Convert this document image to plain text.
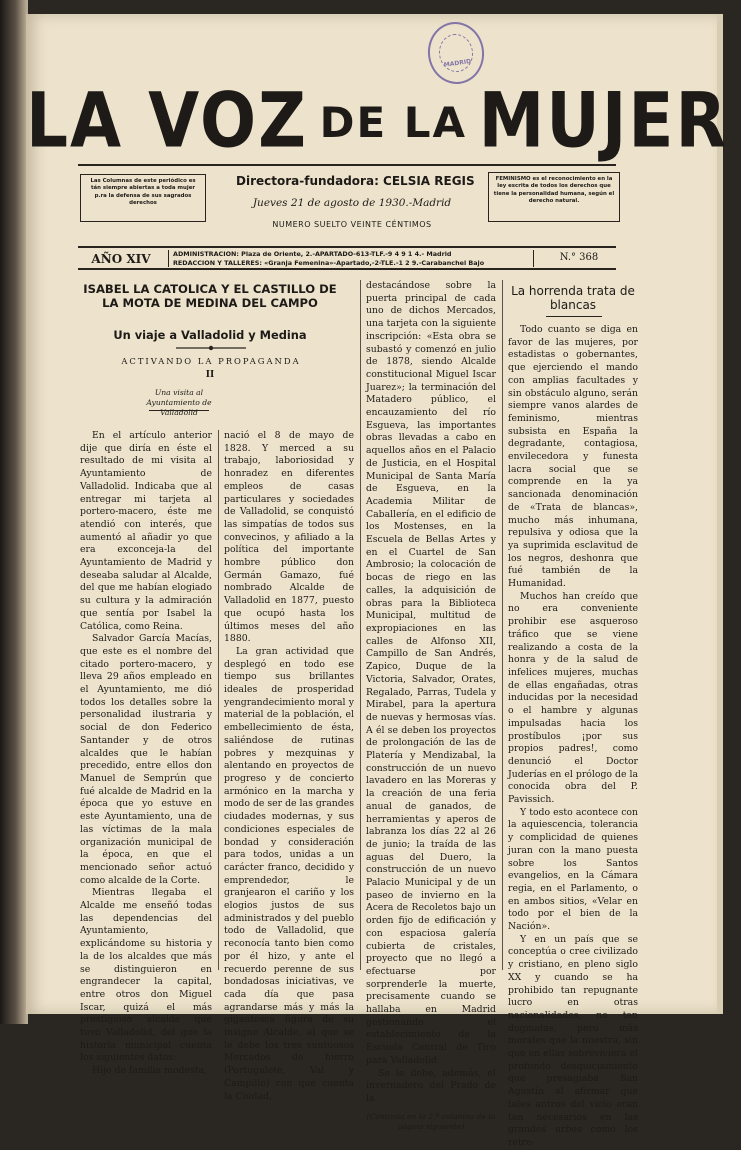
MADRID
LA VOZ DE LA MUJER
Las Columnas de este periódico es tán siempre abiertas a toda mujer p.ra la defensa de sus sagrados derechos
FEMINISMO es el reconocimiento en la ley escrita de todos los derechos que tiene la personalidad humana, según el derecho natural.
Directora-fundadora: CELSIA REGIS
Jueves 21 de agosto de 1930.-Madrid
NUMERO SUELTO VEINTE CÉNTIMOS
AÑO XIV	ADMINISTRACION: Plaza de Oriente, 2.-APARTADO-613-TLF.-9 4 9 1 4.- Madrid
REDACCION Y TALLERES: «Granja Femenina»-Apartado,-2-TLE.-1 2 9.-Carabanchel Bajo	N.° 368
ISABEL LA CATOLICA Y EL CASTILLO DE LA MOTA DE MEDINA DEL CAMPO
Un viaje a Valladolid y Medina
ACTIVANDO LA PROPAGANDA
II
Una visita al Ayuntamiento de Valladolid

En el artículo anterior dije que diría en éste el resultado de mi visita al Ayuntamiento de Valladolid. Indicaba que al entregar mi tarjeta al portero-macero, éste me atendió con interés, que aumentó al añadir yo que era exconceja-la del Ayuntamiento de Madrid y deseaba saludar al Alcalde, del que me habían elogiado su cultura y la admiración que sentía por Isabel la Católica, como Reina.

Salvador García Macías, que este es el nombre del citado portero-macero, y lleva 29 años empleado en el Ayuntamiento, me dió todos los detalles sobre la personalidad ilustraria y social de don Federico Santander y de otros alcaldes que le habían precedido, entre ellos don Manuel de Semprún que fué alcalde de Madrid en la época que yo estuve en este Ayuntamiento, una de las víctimas de la mala organización municipal de la época, en que el mencionado señor actuó como alcalde de la Corte.

Mientras llegaba el Alcalde me enseñó todas las dependencias del Ayuntamiento, explicándome su historia y la de los alcaldes que más se distinguieron en engrandecer la capital, entre otros don Miguel Iscar, quizá el más prestigioso alcalde que tuvo Valladolid, del que la historia municipal cuenta los siguientes datos:

Hijo de familia modesta,

nació el 8 de mayo de 1828. Y merced a su trabajo, laboriosidad y honradez en diferentes empleos de casas particulares y sociedades de Valladolid, se conquistó las simpatías de todos sus convecinos, y afiliado a la política del importante hombre público don Germán Gamazo, fué nombrado Alcalde de Valladolid en 1877, puesto que ocupó hasta los últimos meses del año 1880.

La gran actividad que desplegó en todo ese tiempo sus brillantes ideales de prosperidad yengrandecimiento moral y material de la población, el embellecimiento de ésta, saliéndose de rutinas pobres y mezquinas y alentando en proyectos de progreso y de concierto armónico en la marcha y modo de ser de las grandes ciudades modernas, y sus condiciones especiales de bondad y consideración para todos, unidas a un carácter franco, decidido y emprendedor, le granjearon el cariño y los elogios justos de sus administrados y del pueblo todo de Valladolid, que reconocía tanto bien como por él hizo, y ante el recuerdo perenne de sus bondadosas iniciativas, ve cada día que pasa agrandarse más y más la gigantesca figura de su insigne Alcalde, al que se le debe los tres suntuosos Mercados de hierro (Portugalete, Val y Campillo) con que cuenta la Ciudad,

destacándose sobre la puerta principal de cada uno de dichos Mercados, una tarjeta con la siguiente inscripción: «Esta obra se subastó y comenzó en julio de 1878, siendo Alcalde constitucional Miguel Iscar Juarez»; la terminación del Matadero público, el encauzamiento del río Esgueva, las importantes obras llevadas a cabo en aquellos años en el Palacio de Justicia, en el Hospital Municipal de Santa María de Esgueva, en la Academia Militar de Caballería, en el edificio de los Mostenses, en la Escuela de Bellas Artes y en el Cuartel de San Ambrosio; la colocación de bocas de riego en las calles, la adquisición de obras para la Biblioteca Municipal, multitud de expropiaciones en las calles de Alfonso XII, Campillo de San Andrés, Zapico, Duque de la Victoria, Salvador, Orates, Regalado, Parras, Tudela y Mirabel, para la apertura de nuevas y hermosas vías. A él se deben los proyectos de prolongación de las de Platería y Mendizabal, la construcción de un nuevo lavadero en las Moreras y la creación de una feria anual de ganados, de herramientas y aperos de labranza los días 22 al 26 de junio; la traída de las aguas del Duero, la construcción de un nuevo Palacio Municipal y de un paseo de invierno en la Acera de Recoletos bajo un orden fijo de edificación y con espaciosa galería cubierta de cristales, proyecto que no llegó a efectuarse por sorprenderle la muerte, precisamente cuando se hallaba en Madrid gestionando el establecimiento de la Escuela Central de Tiro para Valladolid.

Se le debe, además, el invernadero del Prado de la

(Continúa en la 2.ª columna de la página siguiente)
La horrenda trata de blancas

Todo cuanto se diga en favor de las mujeres, por estadistas o gobernantes, que ejerciendo el mando con amplias facultades y sin obstáculo alguno, serán siempre vanos alardes de feminismo, mientras subsista en España la degradante, contagiosa, envilecedora y funesta lacra social que se comprende en la ya sancionada denominación de «Trata de blancas», mucho más inhumana, repulsiva y odiosa que la ya suprimida esclavitud de los negros, deshonra que fué también de la Humanidad.

Muchos han creído que no era conveniente prohibir ese asqueroso tráfico que se viene realizando a costa de la honra y de la salud de infelices mujeres, muchas de ellas engañadas, otras inducidas por la necesidad o el hambre y algunas impulsadas hacia los prostíbulos ¡por sus propios padres!, como denunció el Doctor Juderías en el prólogo de la conocida obra del P. Pavissich.

Y todo esto acontece con la aquiescencia, tolerancia y complicidad de quienes juran con la mano puesta sobre los Santos evangelios, en la Cámara regia, en el Parlamento, o en ambos sitios, «Velar en todo por el bien de la Nación».

Y en un país que se conceptúa o cree civilizado y cristiano, en pleno siglo XX y cuando se ha prohibido tan repugnante lucro en otras nacionalidades, no tan dogmatas, pero más morales que la nuestra, sin que en ellas sobreviviera el profundo desquiciamiento que presagiaba San Agustín al afirmar que tales antros del vicio eran tan necesarios en las grandes urbes como los retre-
